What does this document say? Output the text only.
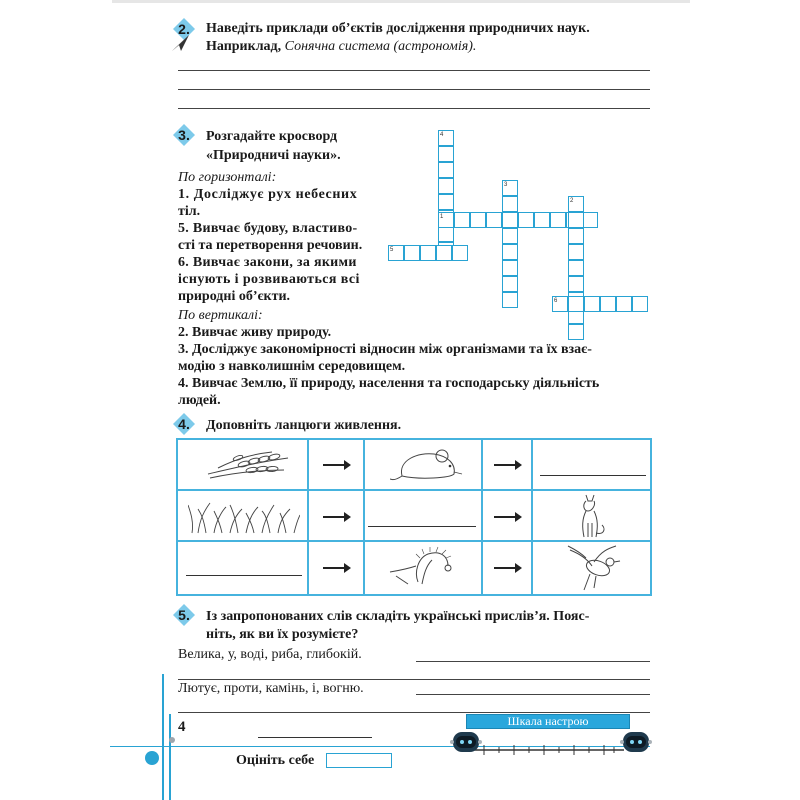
2.	Наведіть приклади об’єктів дослідження природничих наук.
Наприклад, Сонячна система (астрономія).
3.	Розгадайте кросворд
«Природничі науки».
По горизонталі:
1. Досліджує рух небесних
тіл.
5. Вивчає будову, властиво-
сті та перетворення речовин.
6. Вивчає закони, за якими
існують і розвиваються всі
природні об’єкти.
По вертикалі:
2. Вивчає живу природу.
3. Досліджує закономірності відносин між організмами та їх взає-
модію з навколишнім середовищем.
4. Вивчає Землю, її природу, населення та господарську діяльність
людей.
4.	Доповніть ланцюги живлення.
5.	Із запропонованих слів складіть українські прислів’я. Пояс-
ніть, як ви їх розумієте?
Велика, у, воді, риба, глибокій.
Лютує, проти, камінь, і, вогню.
4
Оцініть себе
Шкала настрою
4
1
3
2
5
6
